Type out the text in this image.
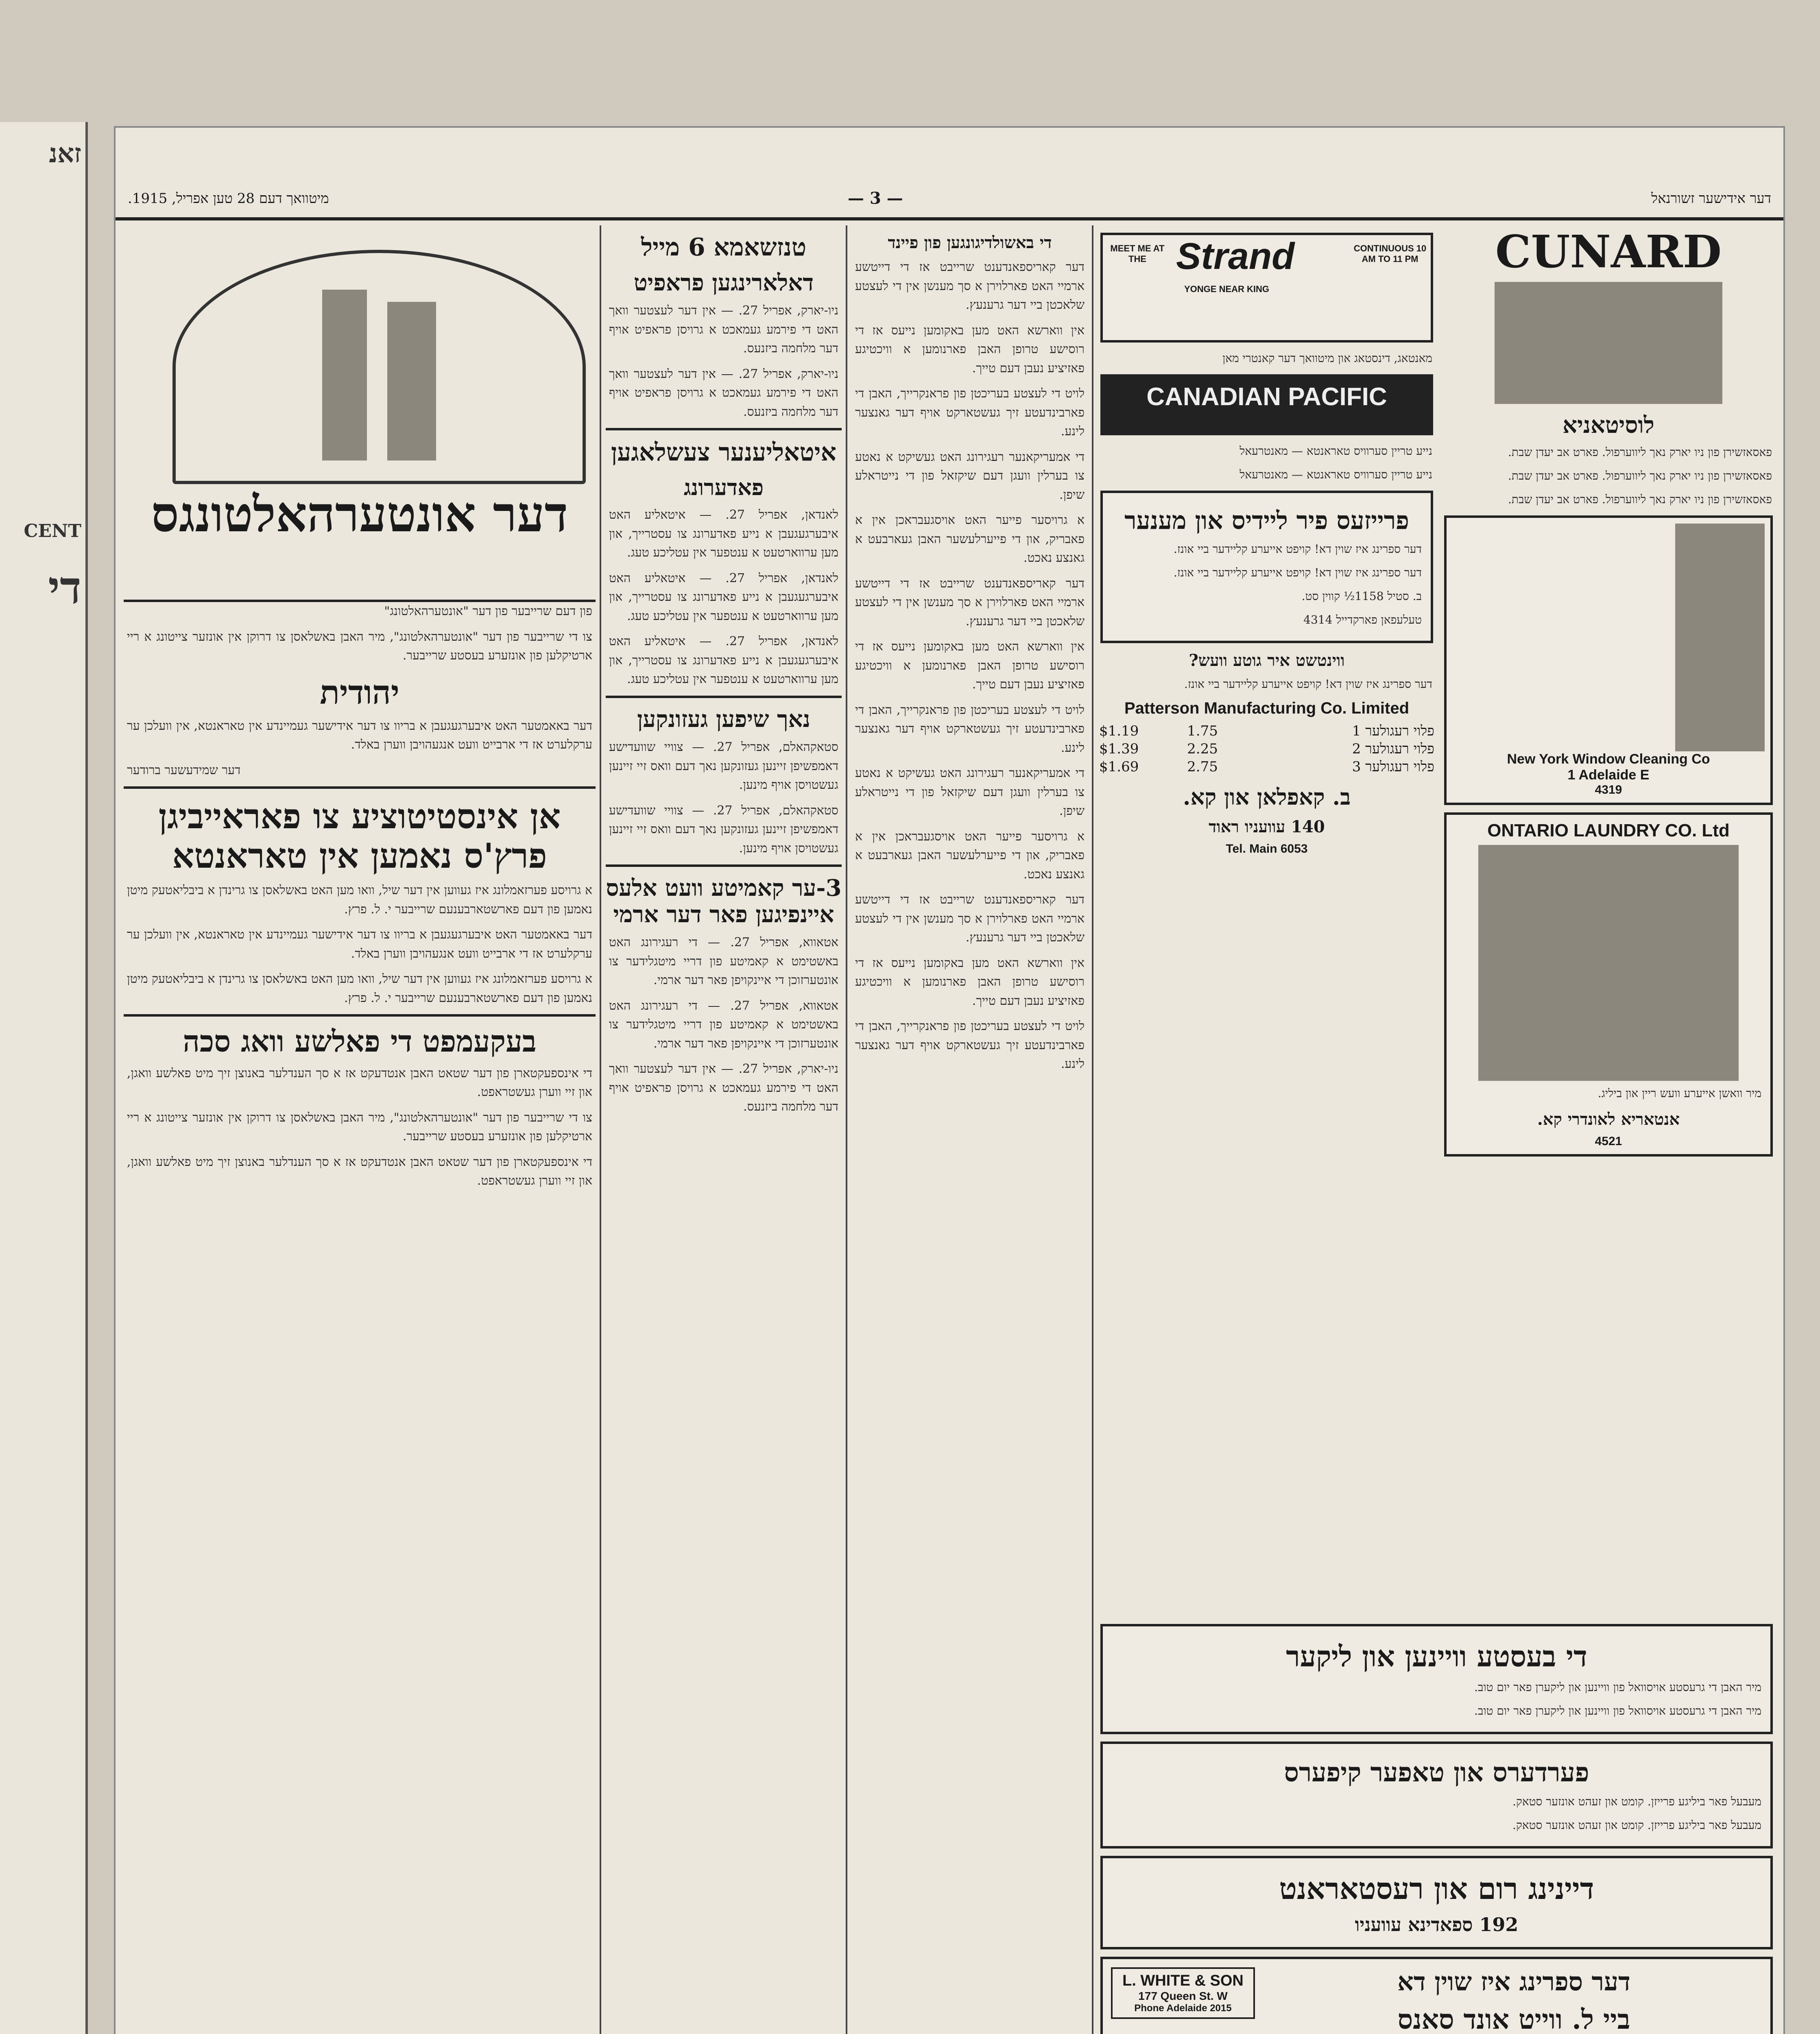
זאנ
CENT
די
דער אידישער זשורנאל
— 3 —
מיטוואך דעם 28 טען אפריל, 1915.
דער אונטערהאלטונגס

פון דעם שרייבער פון דער "אונטערהאלטונג"

צו די שרייבער פון דער "אונטערהאלטונג", מיר האבן באשלאסן צו דרוקן אין אונזער צייטונג א ריי ארטיקלען פון אונזערע בעסטע שרייבער.

יהודית

דער באאמטער האט איבערגעגעבן א בריוו צו דער אידישער געמיינדע אין טאראנטא, אין וועלכן ער ערקלערט אז די ארבייט וועט אנגעהויבן ווערן באלד.

דער שמידעשער ברודער

אן אינסטיטוציע צו פאראייביגן פרץ'ס נאמען אין טאראנטא

א גרויסע פערזאמלונג איז געווען אין דער שיל, וואו מען האט באשלאסן צו גרינדן א ביבליאטעק מיטן נאמען פון דעם פארשטארבענעם שרייבער י. ל. פרץ.

דער באאמטער האט איבערגעגעבן א בריוו צו דער אידישער געמיינדע אין טאראנטא, אין וועלכן ער ערקלערט אז די ארבייט וועט אנגעהויבן ווערן באלד.

א גרויסע פערזאמלונג איז געווען אין דער שיל, וואו מען האט באשלאסן צו גרינדן א ביבליאטעק מיטן נאמען פון דעם פארשטארבענעם שרייבער י. ל. פרץ.

בעקעמפט די פאלשע וואג סכה

די אינספעקטארן פון דער שטאט האבן אנטדעקט אז א סך הענדלער באנוצן זיך מיט פאלשע וואגן, און זיי ווערן געשטראפט.

צו די שרייבער פון דער "אונטערהאלטונג", מיר האבן באשלאסן צו דרוקן אין אונזער צייטונג א ריי ארטיקלען פון אונזערע בעסטע שרייבער.

די אינספעקטארן פון דער שטאט האבן אנטדעקט אז א סך הענדלער באנוצן זיך מיט פאלשע וואגן, און זיי ווערן געשטראפט.

טנזשאמא 6 מייל
דאלארינגען פראפיט

ניו-יארק, אפריל 27. — אין דער לעצטער וואך האט די פירמע געמאכט א גרויסן פראפיט אויף דער מלחמה ביזנעס.

ניו-יארק, אפריל 27. — אין דער לעצטער וואך האט די פירמע געמאכט א גרויסן פראפיט אויף דער מלחמה ביזנעס.

איטאליענער צעשלאגען
פאדערונג

לאנדאן, אפריל 27. — איטאליע האט איבערגעגעבן א נייע פאדערונג צו עסטרייך, און מען ערווארטעט א ענטפער אין עטליכע טעג.

לאנדאן, אפריל 27. — איטאליע האט איבערגעגעבן א נייע פאדערונג צו עסטרייך, און מען ערווארטעט א ענטפער אין עטליכע טעג.

לאנדאן, אפריל 27. — איטאליע האט איבערגעגעבן א נייע פאדערונג צו עסטרייך, און מען ערווארטעט א ענטפער אין עטליכע טעג.

נאך שיפען געזונקען

סטאקהאלם, אפריל 27. — צוויי שוועדישע דאמפשיפן זיינען געזונקען נאך דעם וואס זיי זיינען געשטויסן אויף מינען.

סטאקהאלם, אפריל 27. — צוויי שוועדישע דאמפשיפן זיינען געזונקען נאך דעם וואס זיי זיינען געשטויסן אויף מינען.

3-ער קאמיטע וועט אלעס איינפיגען פאר דער ארמי

אטאווא, אפריל 27. — די רעגירונג האט באשטימט א קאמיטע פון דריי מיטגלידער צו אונטערזוכן די איינקויפן פאר דער ארמי.

אטאווא, אפריל 27. — די רעגירונג האט באשטימט א קאמיטע פון דריי מיטגלידער צו אונטערזוכן די איינקויפן פאר דער ארמי.

ניו-יארק, אפריל 27. — אין דער לעצטער וואך האט די פירמע געמאכט א גרויסן פראפיט אויף דער מלחמה ביזנעס.

די באשולדיגונגען פון פיינד

דער קאריספאנדענט שרייבט אז די דייטשע ארמיי האט פארלוירן א סך מענשן אין די לעצטע שלאכטן ביי דער גרענעץ.

אין ווארשא האט מען באקומען נייעס אז די רוסישע טרופן האבן פארנומען א וויכטיגע פאזיציע נעבן דעם טייך.

לויט די לעצטע בעריכטן פון פראנקרייך, האבן די פארבינדעטע זיך געשטארקט אויף דער גאנצער לינע.

די אמעריקאנער רעגירונג האט געשיקט א נאטע צו בערלין וועגן דעם שיקזאל פון די נייטראלע שיפן.

א גרויסער פייער האט אויסגעבראכן אין א פאבריק, און די פייערלעשער האבן געארבעט א גאנצע נאכט.

דער קאריספאנדענט שרייבט אז די דייטשע ארמיי האט פארלוירן א סך מענשן אין די לעצטע שלאכטן ביי דער גרענעץ.

אין ווארשא האט מען באקומען נייעס אז די רוסישע טרופן האבן פארנומען א וויכטיגע פאזיציע נעבן דעם טייך.

לויט די לעצטע בעריכטן פון פראנקרייך, האבן די פארבינדעטע זיך געשטארקט אויף דער גאנצער לינע.

די אמעריקאנער רעגירונג האט געשיקט א נאטע צו בערלין וועגן דעם שיקזאל פון די נייטראלע שיפן.

א גרויסער פייער האט אויסגעבראכן אין א פאבריק, און די פייערלעשער האבן געארבעט א גאנצע נאכט.

דער קאריספאנדענט שרייבט אז די דייטשע ארמיי האט פארלוירן א סך מענשן אין די לעצטע שלאכטן ביי דער גרענעץ.

אין ווארשא האט מען באקומען נייעס אז די רוסישע טרופן האבן פארנומען א וויכטיגע פאזיציע נעבן דעם טייך.

לויט די לעצטע בעריכטן פון פראנקרייך, האבן די פארבינדעטע זיך געשטארקט אויף דער גאנצער לינע.

MEET ME AT THE Strand
YONGE NEAR KING
CONTINUOUS 10 AM TO 11 PM

מאנטאג, דינסטאג און מיטוואך דער קאנטרי מאן

CANADIAN PACIFIC

נייע טריין סערוויס טאראנטא — מאנטרעאל

נייע טריין סערוויס טאראנטא — מאנטרעאל

פרייזעס פיר ליידיס און מענער

דער ספרינג איז שוין דא! קויפט אייערע קליידער ביי אונז.

דער ספרינג איז שוין דא! קויפט אייערע קליידער ביי אונז.

ב. סטיל 1158½ קווין סט.

טעלעפאן פארקדייל 4314

ווינטשט איר גוטע וועש?

דער ספרינג איז שוין דא! קויפט אייערע קליידער ביי אונז.

Patterson Manufacturing Co. Limited
$1.19	1.75	1 פלוי רעגולער
$1.39	2.25	2 פלוי רעגולער
$1.69	2.75	3 פלוי רעגולער
ב. קאפלאן און קא.
140 עוועניו ראוד
Tel. Main 6053
CUNARD
לוסיטאניא

פאסאזשירן פון ניו יארק נאך ליווערפול. פארט אב יעדן שבת.

פאסאזשירן פון ניו יארק נאך ליווערפול. פארט אב יעדן שבת.

פאסאזשירן פון ניו יארק נאך ליווערפול. פארט אב יעדן שבת.

New York Window Cleaning Co
1 Adelaide E
4319
ONTARIO LAUNDRY CO. Ltd

מיר וואשן אייערע וועש ריין און ביליג.

אנטאריא לאונדרי קא.
4521
די בעסטע וויינען און ליקער

מיר האבן די גרעסטע אויסוואל פון וויינען און ליקערן פאר יום טוב.

מיר האבן די גרעסטע אויסוואל פון וויינען און ליקערן פאר יום טוב.

פערדערס און טאפער קיפערס

מעבעל פאר ביליגע פרייזן. קומט און זעהט אונזער סטאק.

מעבעל פאר ביליגע פרייזן. קומט און זעהט אונזער סטאק.

דיינינג רום און רעסטאראנט
192 ספאדינא עוועניו
L. WHITE & SON
177 Queen St. W
Phone Adelaide 2015
דער ספרינג איז שוין דא
ביי ל. ווייט אונד סאנס
